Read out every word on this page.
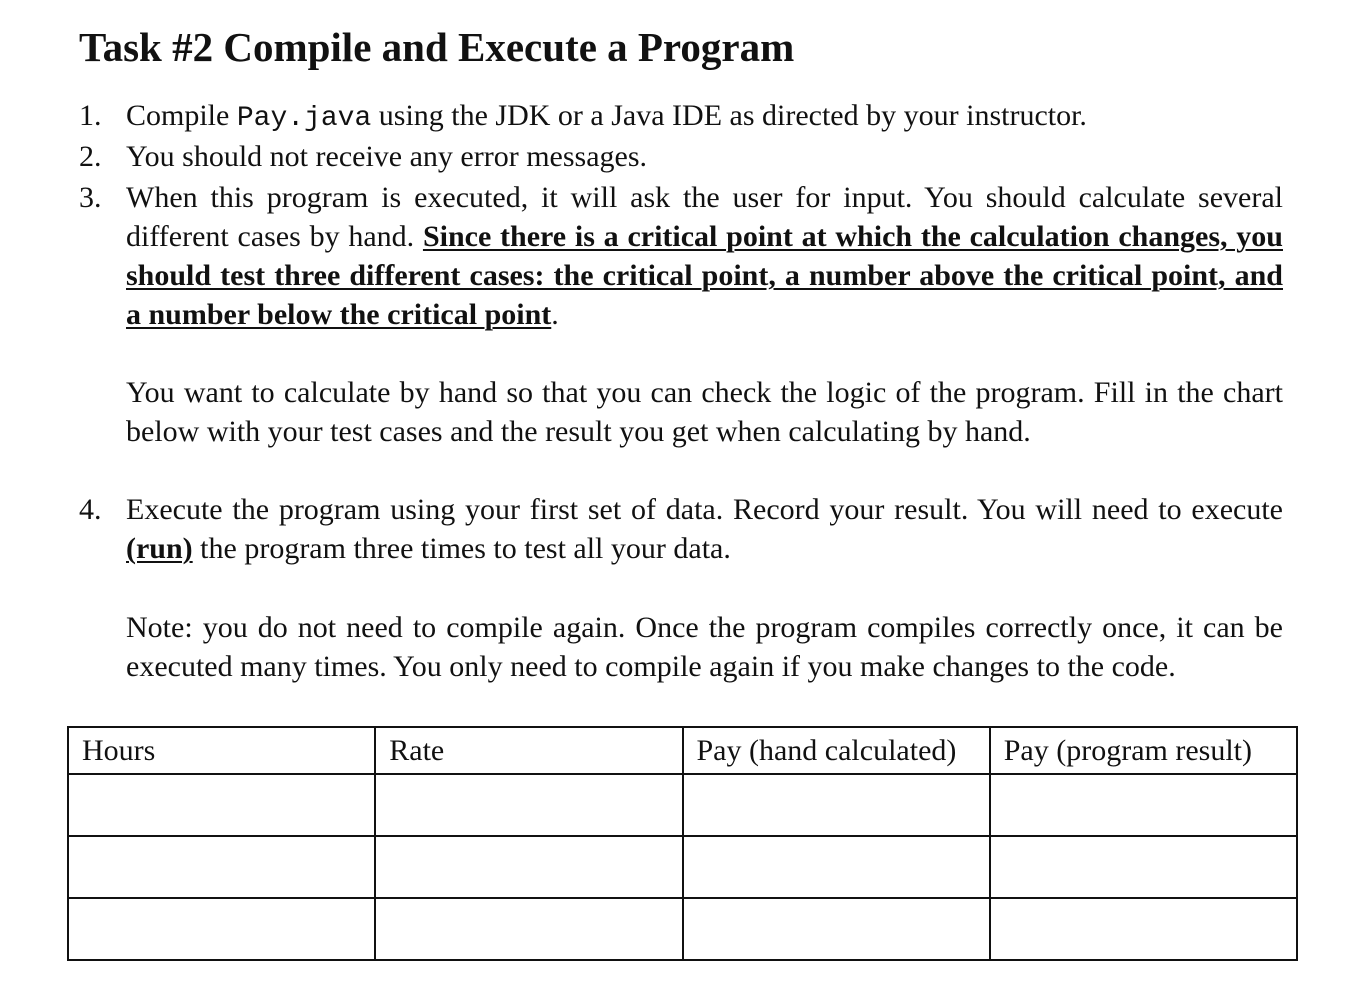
Task #2 Compile and Execute a Program
1. Compile Pay.java using the JDK or a Java IDE as directed by your instructor.
2. You should not receive any error messages.
3. When this program is executed, it will ask the user for input. You should calculate several different cases by hand. Since there is a critical point at which the calculation changes, you should test three different cases: the critical point, a number above the critical point, and a number below the critical point.
You want to calculate by hand so that you can check the logic of the program. Fill in the chart below with your test cases and the result you get when calculating by hand.
4. Execute the program using your first set of data. Record your result. You will need to execute (run) the program three times to test all your data.
Note: you do not need to compile again. Once the program compiles correctly once, it can be executed many times. You only need to compile again if you make changes to the code.
Hours	Rate	Pay (hand calculated)	Pay (program result)
